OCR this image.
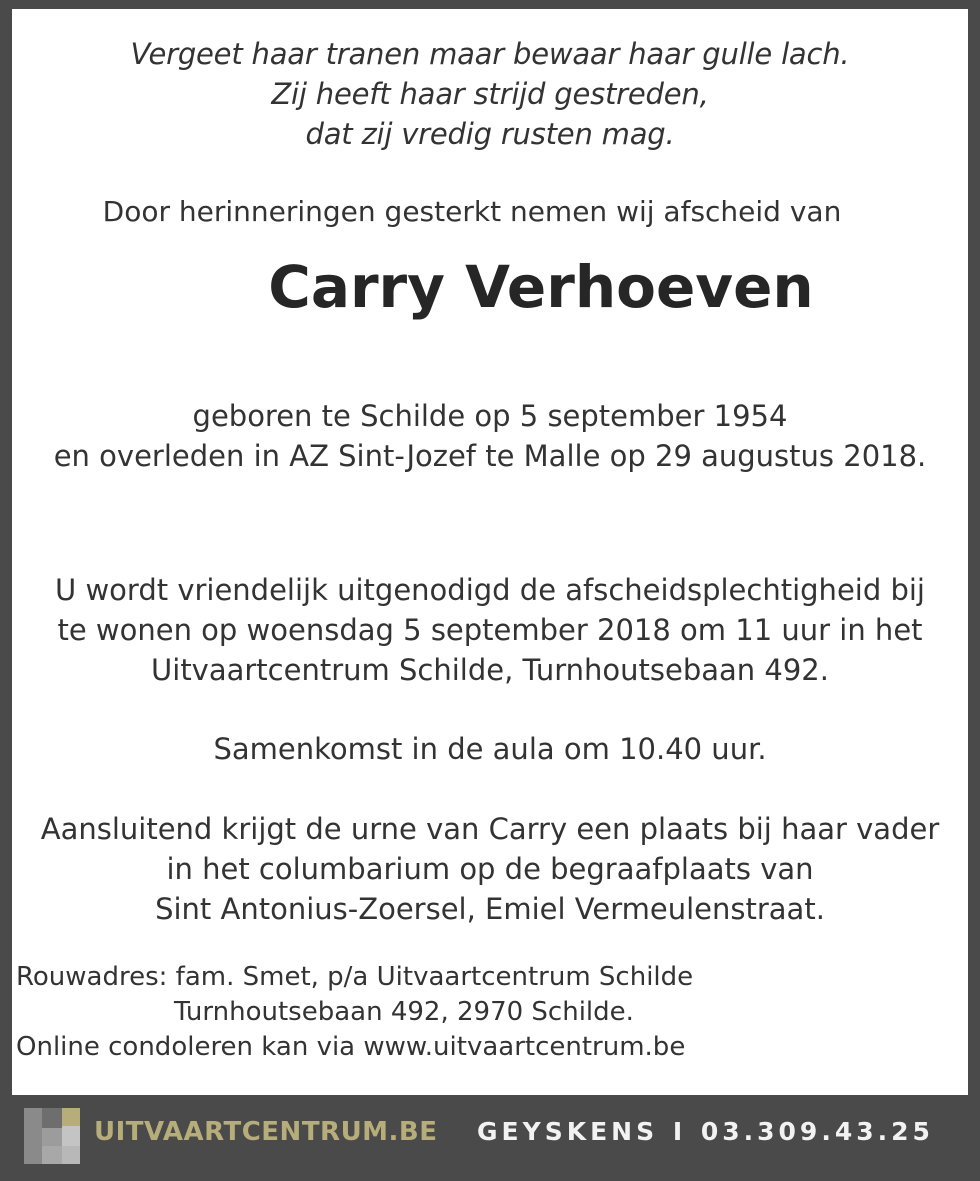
Vergeet haar tranen maar bewaar haar gulle lach.
Zij heeft haar strijd gestreden,
dat zij vredig rusten mag.
Door herinneringen gesterkt nemen wij afscheid van
Carry Verhoeven
geboren te Schilde op 5 september 1954
en overleden in AZ Sint-Jozef te Malle op 29 augustus 2018.
U wordt vriendelijk uitgenodigd de afscheidsplechtigheid bij
te wonen op woensdag 5 september 2018 om 11 uur in het
Uitvaartcentrum Schilde, Turnhoutsebaan 492.
Samenkomst in de aula om 10.40 uur.
Aansluitend krijgt de urne van Carry een plaats bij haar vader
in het columbarium op de begraafplaats van
Sint Antonius-Zoersel, Emiel Vermeulenstraat.
Rouwadres: fam. Smet, p/a Uitvaartcentrum Schilde
Turnhoutsebaan 492, 2970 Schilde.
Online condoleren kan via www.uitvaartcentrum.be
UITVAARTCENTRUM.BE GEYSKENS I 03.309.43.25
